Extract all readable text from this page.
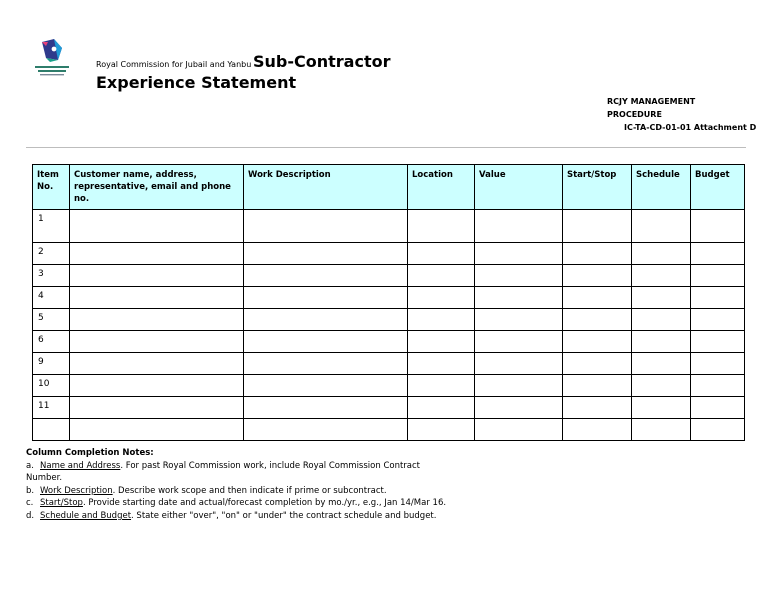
Royal Commission for Jubail and Yanbu Sub-Contractor
Experience Statement
RCJY MANAGEMENT
PROCEDURE
IC-TA-CD-01-01 Attachment D
Item No.	Customer name, address, representative, email and phone no.	Work Description	Location	Value	Start/Stop	Schedule	Budget
1							
2							
3							
4							
5							
6							
9							
10							
11							

Column Completion Notes:
a. Name and Address. For past Royal Commission work, include Royal Commission Contract
Number.
b. Work Description. Describe work scope and then indicate if prime or subcontract.
c. Start/Stop. Provide starting date and actual/forecast completion by mo./yr., e.g., Jan 14/Mar 16.
d. Schedule and Budget. State either "over", "on" or "under" the contract schedule and budget.
